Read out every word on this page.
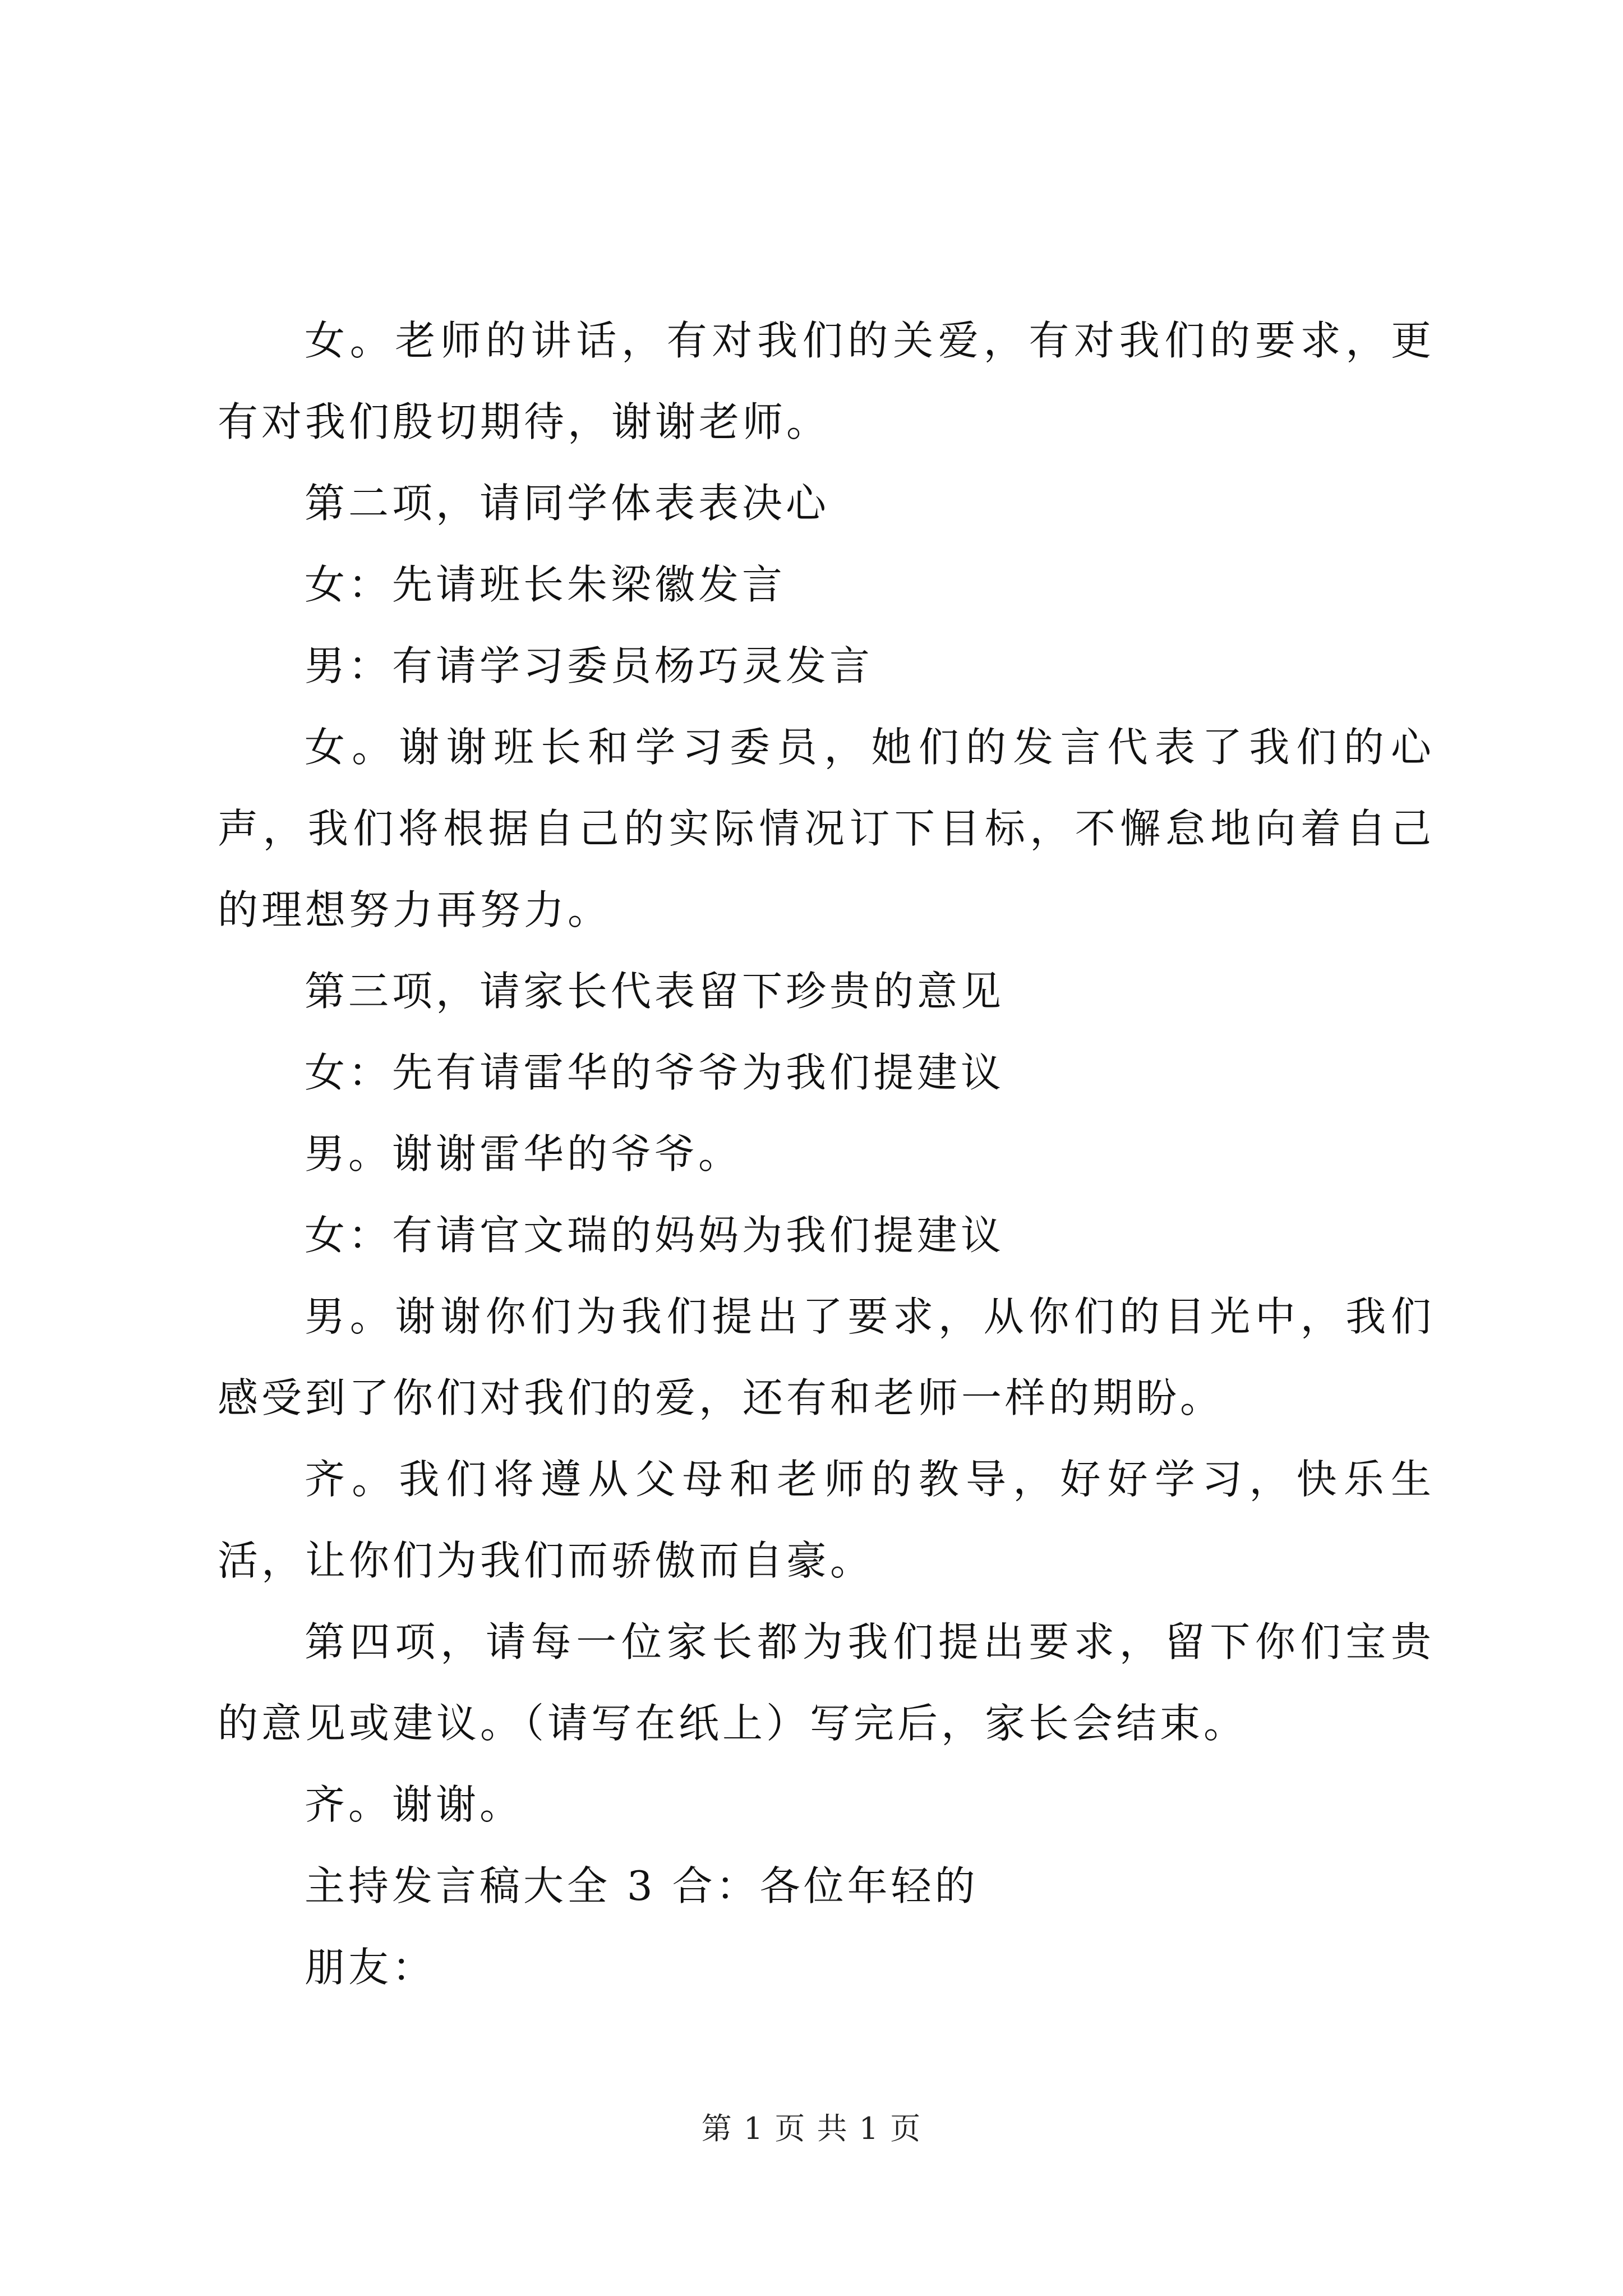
女。老师的讲话，有对我们的关爱，有对我们的要求，更有对我们殷切期待，谢谢老师。

第二项，请同学体表表决心

女：先请班长朱梁徽发言

男：有请学习委员杨巧灵发言

女。谢谢班长和学习委员，她们的发言代表了我们的心声，我们将根据自己的实际情况订下目标，不懈怠地向着自己的理想努力再努力。

第三项，请家长代表留下珍贵的意见

女：先有请雷华的爷爷为我们提建议

男。谢谢雷华的爷爷。

女：有请官文瑞的妈妈为我们提建议

男。谢谢你们为我们提出了要求，从你们的目光中，我们感受到了你们对我们的爱，还有和老师一样的期盼。

齐。我们将遵从父母和老师的教导，好好学习，快乐生活，让你们为我们而骄傲而自豪。

第四项，请每一位家长都为我们提出要求，留下你们宝贵的意见或建议。（请写在纸上）写完后，家长会结束。

齐。谢谢。

主持发言稿大全 3 合：各位年轻的

朋友：

第 1 页 共 1 页
